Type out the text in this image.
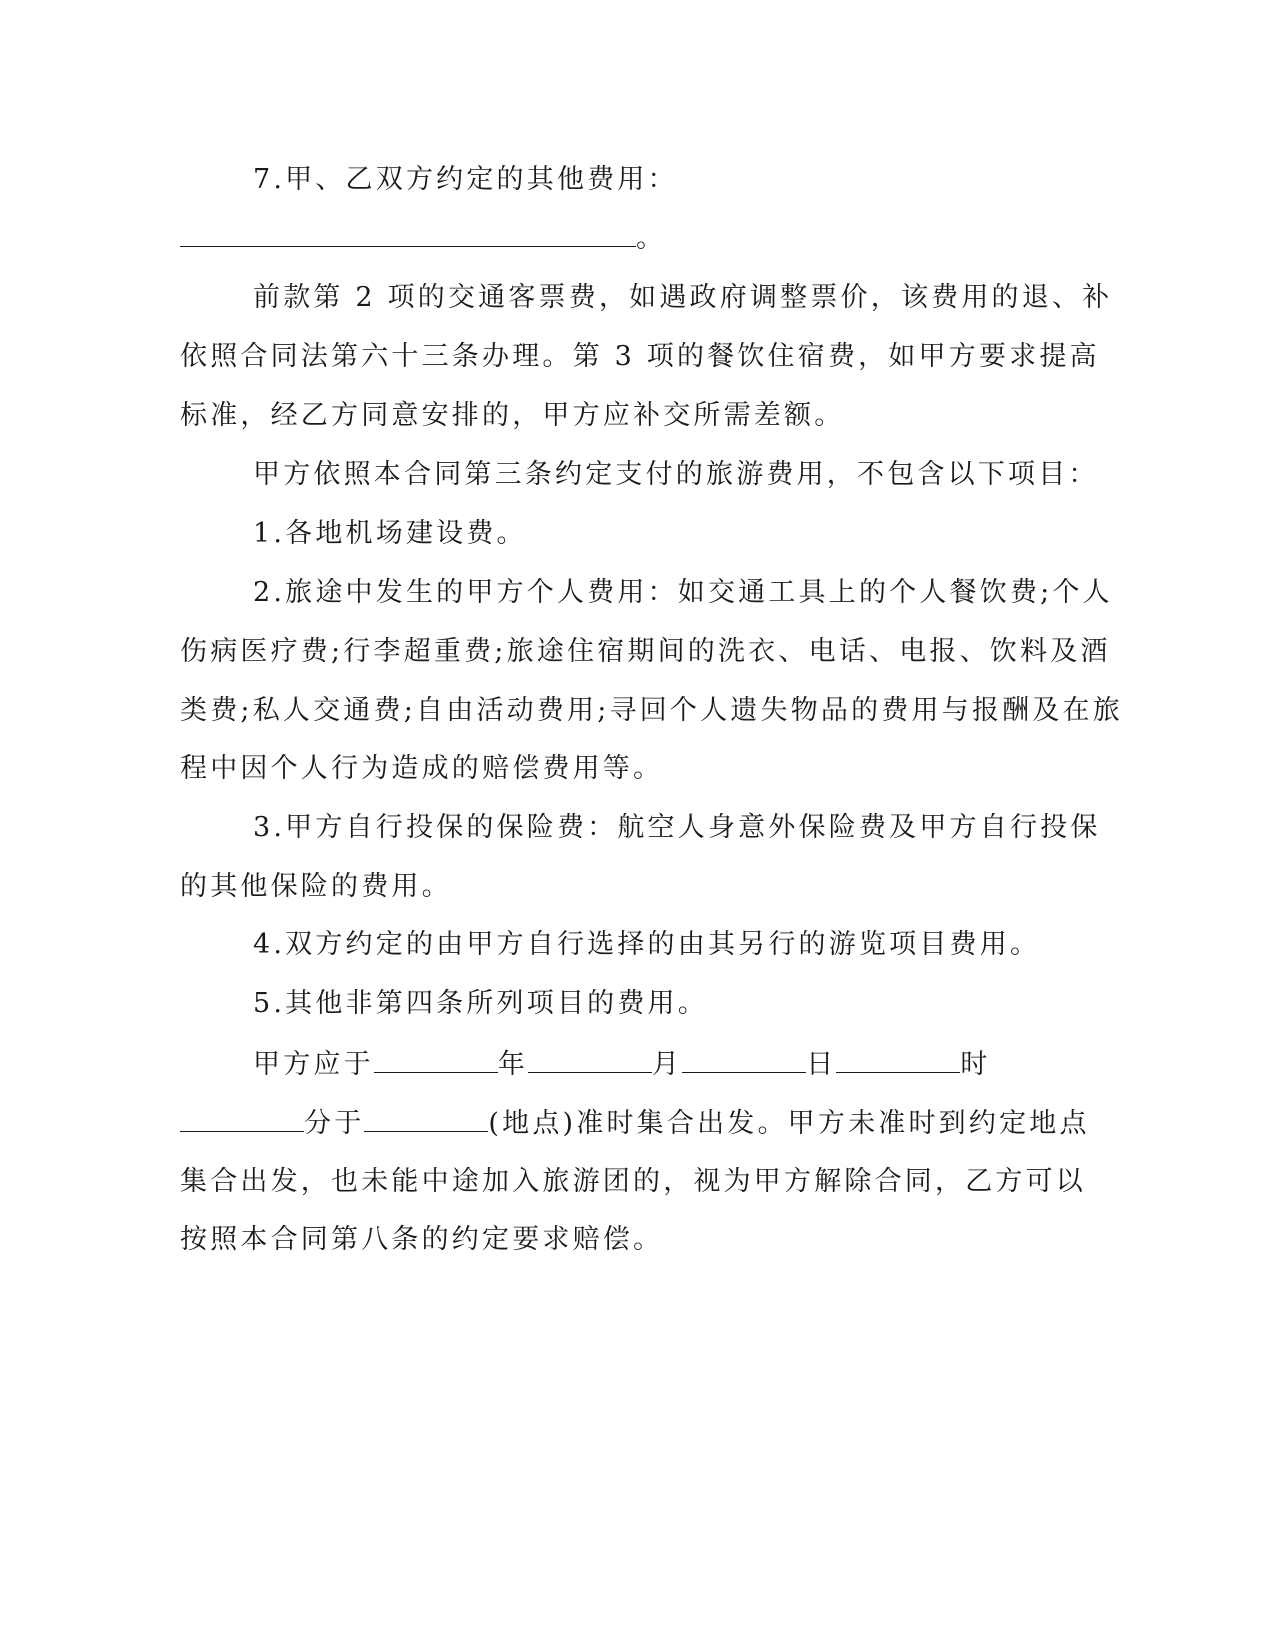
7.甲、乙双方约定的其他费用：
。
前款第 2 项的交通客票费，如遇政府调整票价，该费用的退、补
依照合同法第六十三条办理。第 3 项的餐饮住宿费，如甲方要求提高
标准，经乙方同意安排的，甲方应补交所需差额。
甲方依照本合同第三条约定支付的旅游费用，不包含以下项目：
1.各地机场建设费。
2.旅途中发生的甲方个人费用：如交通工具上的个人餐饮费;个人
伤病医疗费;行李超重费;旅途住宿期间的洗衣、电话、电报、饮料及酒
类费;私人交通费;自由活动费用;寻回个人遗失物品的费用与报酬及在旅
程中因个人行为造成的赔偿费用等。
3.甲方自行投保的保险费：航空人身意外保险费及甲方自行投保
的其他保险的费用。
4.双方约定的由甲方自行选择的由其另行的游览项目费用。
5.其他非第四条所列项目的费用。
甲方应于	年	月	日	时
分于	(地点)准时集合出发。甲方未准时到约定地点
集合出发，也未能中途加入旅游团的，视为甲方解除合同，乙方可以
按照本合同第八条的约定要求赔偿。
